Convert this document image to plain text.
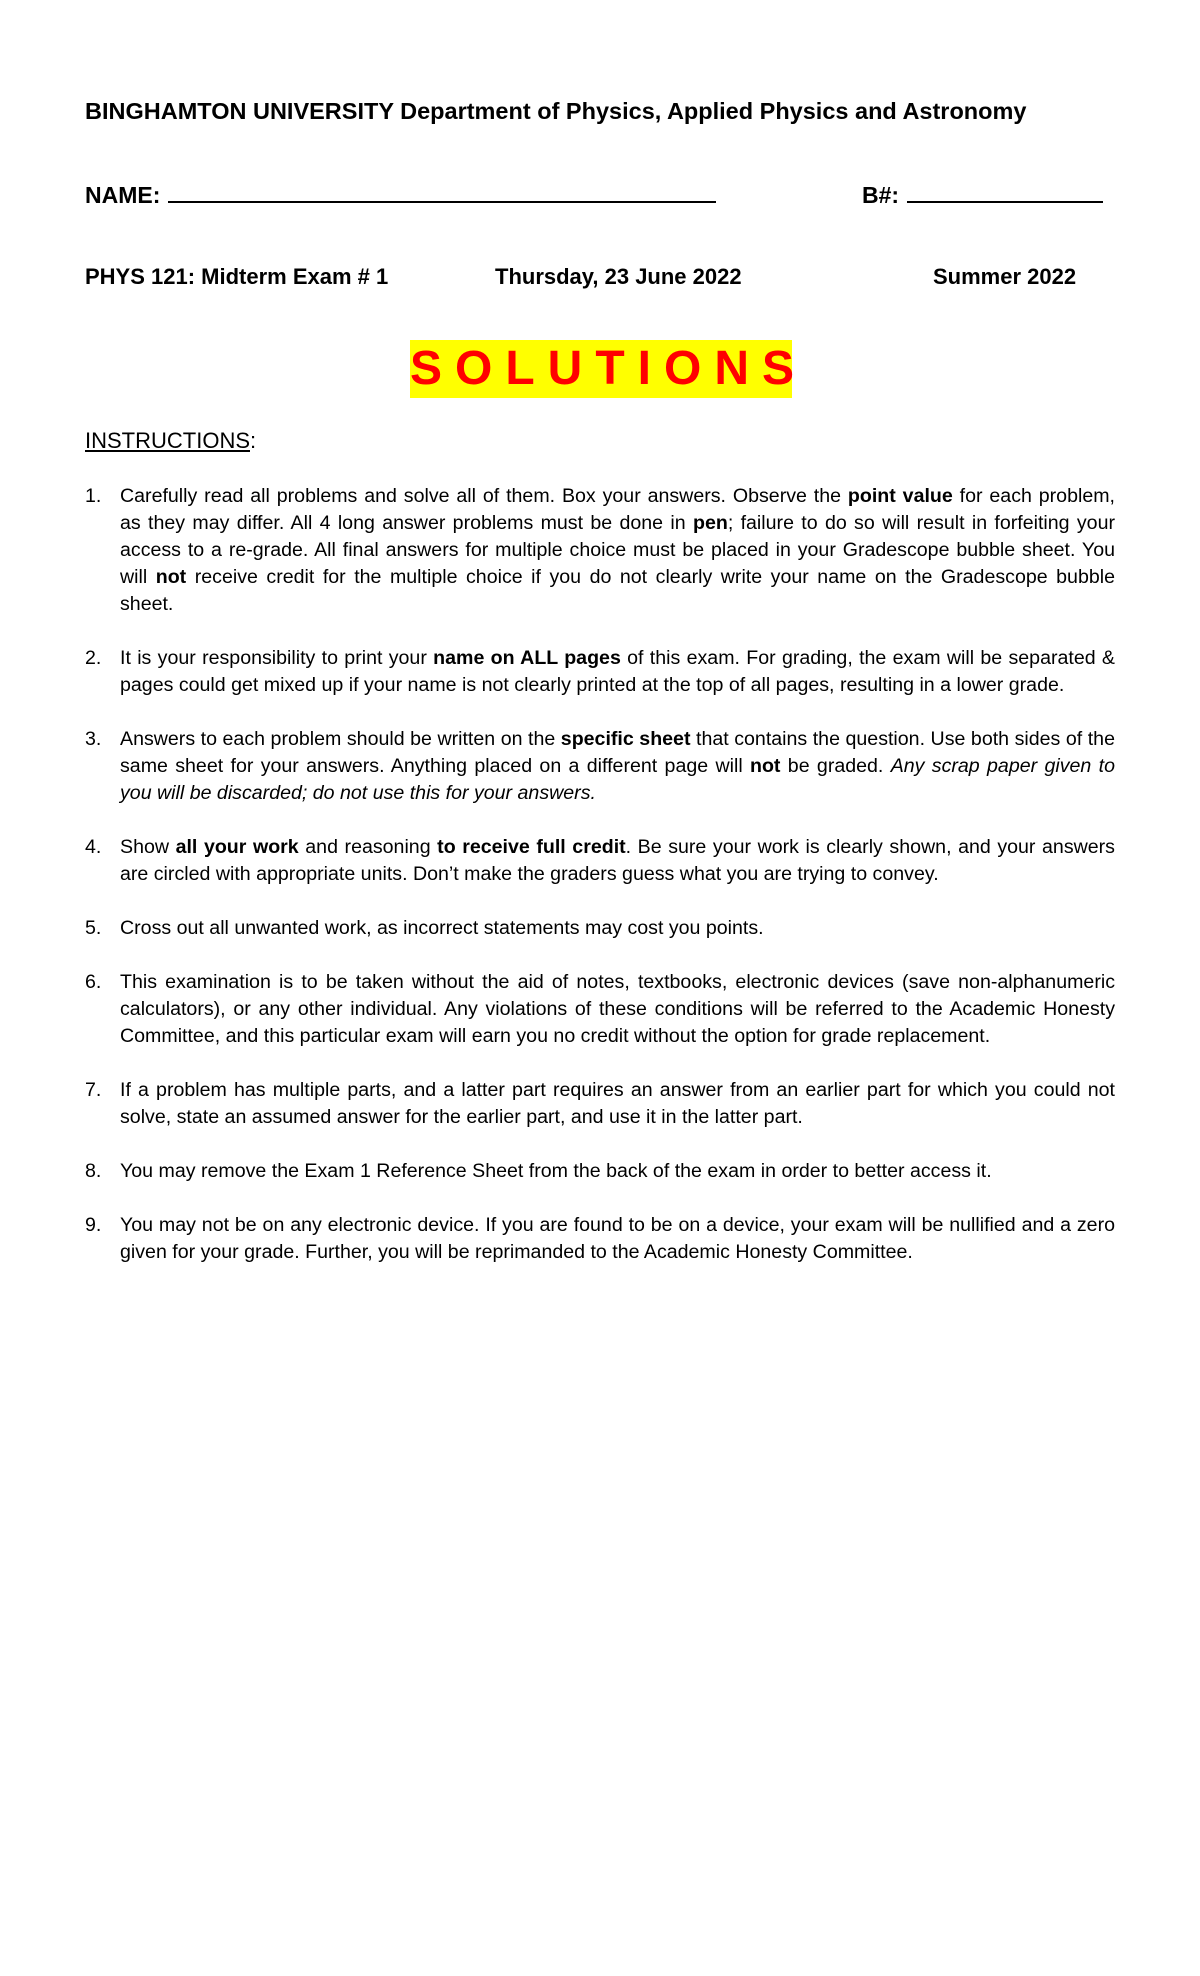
BINGHAMTON UNIVERSITY Department of Physics, Applied Physics and Astronomy
NAME:	B#:
PHYS 121: Midterm Exam # 1	Thursday, 23 June 2022	Summer 2022
SOLUTIONS
INSTRUCTIONS:
1. Carefully read all problems and solve all of them. Box your answers. Observe the point value for each problem, as they may differ. All 4 long answer problems must be done in pen; failure to do so will result in forfeiting your access to a re-grade. All final answers for multiple choice must be placed in your Gradescope bubble sheet. You will not receive credit for the multiple choice if you do not clearly write your name on the Gradescope bubble sheet.
2. It is your responsibility to print your name on ALL pages of this exam. For grading, the exam will be separated & pages could get mixed up if your name is not clearly printed at the top of all pages, resulting in a lower grade.
3. Answers to each problem should be written on the specific sheet that contains the question. Use both sides of the same sheet for your answers. Anything placed on a different page will not be graded. Any scrap paper given to you will be discarded; do not use this for your answers.
4. Show all your work and reasoning to receive full credit. Be sure your work is clearly shown, and your answers are circled with appropriate units. Don’t make the graders guess what you are trying to convey.
5. Cross out all unwanted work, as incorrect statements may cost you points.
6. This examination is to be taken without the aid of notes, textbooks, electronic devices (save non-alphanumeric calculators), or any other individual. Any violations of these conditions will be referred to the Academic Honesty Committee, and this particular exam will earn you no credit without the option for grade replacement.
7. If a problem has multiple parts, and a latter part requires an answer from an earlier part for which you could not solve, state an assumed answer for the earlier part, and use it in the latter part.
8. You may remove the Exam 1 Reference Sheet from the back of the exam in order to better access it.
9. You may not be on any electronic device. If you are found to be on a device, your exam will be nullified and a zero given for your grade. Further, you will be reprimanded to the Academic Honesty Committee.
